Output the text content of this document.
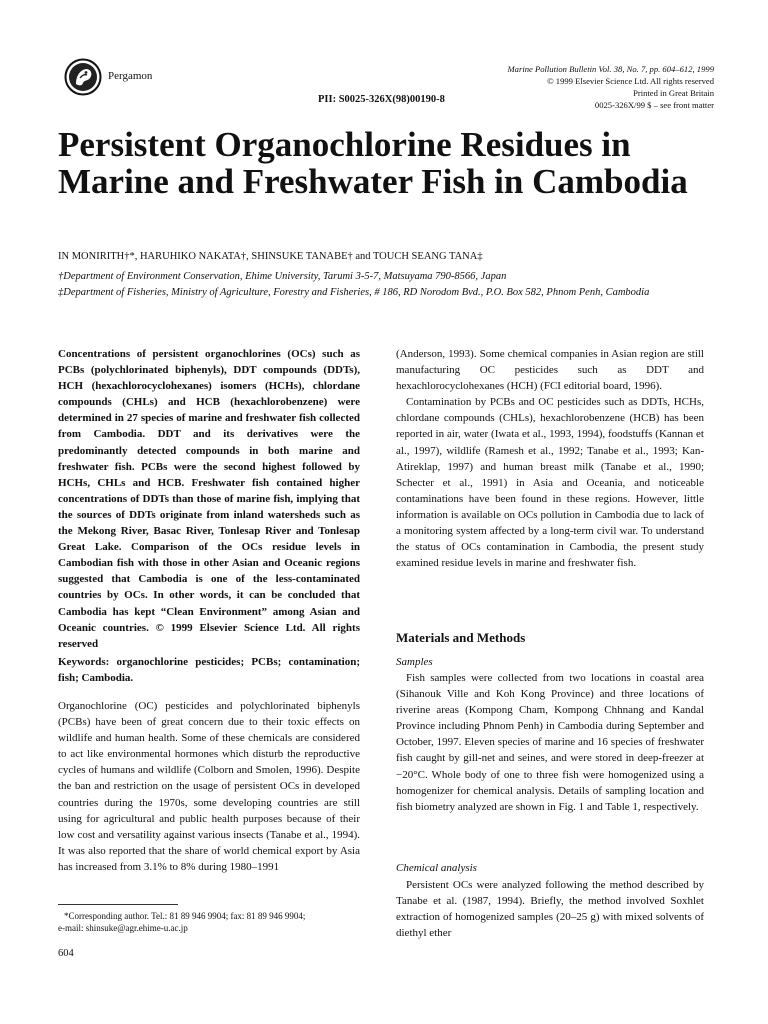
Pergamon
Marine Pollution Bulletin Vol. 38, No. 7, pp. 604–612, 1999
© 1999 Elsevier Science Ltd. All rights reserved
Printed in Great Britain
0025-326X/99 $ – see front matter
PII: S0025-326X(98)00190-8
Persistent Organochlorine Residues in Marine and Freshwater Fish in Cambodia
IN MONIRITH†*, HARUHIKO NAKATA†, SHINSUKE TANABE† and TOUCH SEANG TANA‡
†Department of Environment Conservation, Ehime University, Tarumi 3-5-7, Matsuyama 790-8566, Japan
‡Department of Fisheries, Ministry of Agriculture, Forestry and Fisheries, # 186, RD Norodom Bvd., P.O. Box 582, Phnom Penh, Cambodia
Concentrations of persistent organochlorines (OCs) such as PCBs (polychlorinated biphenyls), DDT compounds (DDTs), HCH (hexachlorocyclohexanes) isomers (HCHs), chlordane compounds (CHLs) and HCB (hexachlorobenzene) were determined in 27 species of marine and freshwater fish collected from Cambodia. DDT and its derivatives were the predominantly detected compounds in both marine and freshwater fish. PCBs were the second highest followed by HCHs, CHLs and HCB. Freshwater fish contained higher concentrations of DDTs than those of marine fish, implying that the sources of DDTs originate from inland watersheds such as the Mekong River, Basac River, Tonlesap River and Tonlesap Great Lake. Comparison of the OCs residue levels in Cambodian fish with those in other Asian and Oceanic regions suggested that Cambodia is one of the less-contaminated countries by OCs. In other words, it can be concluded that Cambodia has kept “Clean Environment” among Asian and Oceanic countries. © 1999 Elsevier Science Ltd. All rights reserved
Keywords: organochlorine pesticides; PCBs; contamination; fish; Cambodia.
Organochlorine (OC) pesticides and polychlorinated biphenyls (PCBs) have been of great concern due to their toxic effects on wildlife and human health. Some of these chemicals are considered to act like environmental hormones which disturb the reproductive cycles of humans and wildlife (Colborn and Smolen, 1996). Despite the ban and restriction on the usage of persistent OCs in developed countries during the 1970s, some developing countries are still using for agricultural and public health purposes because of their low cost and versatility against various insects (Tanabe et al., 1994). It was also reported that the share of world chemical export by Asia has increased from 3.1% to 8% during 1980–1991
*Corresponding author. Tel.: 81 89 946 9904; fax: 81 89 946 9904;
e-mail: shinsuke@agr.ehime-u.ac.jp
604
(Anderson, 1993). Some chemical companies in Asian region are still manufacturing OC pesticides such as DDT and hexachlorocyclohexanes (HCH) (FCI editorial board, 1996).
Contamination by PCBs and OC pesticides such as DDTs, HCHs, chlordane compounds (CHLs), hexachlorobenzene (HCB) has been reported in air, water (Iwata et al., 1993, 1994), foodstuffs (Kannan et al., 1997), wildlife (Ramesh et al., 1992; Tanabe et al., 1993; Kan-Atireklap, 1997) and human breast milk (Tanabe et al., 1990; Schecter et al., 1991) in Asia and Oceania, and noticeable contaminations have been found in these regions. However, little information is available on OCs pollution in Cambodia due to lack of a monitoring system affected by a long-term civil war. To understand the status of OCs contamination in Cambodia, the present study examined residue levels in marine and freshwater fish.
Materials and Methods
Samples
Fish samples were collected from two locations in coastal area (Sihanouk Ville and Koh Kong Province) and three locations of riverine areas (Kompong Cham, Kompong Chhnang and Kandal Province including Phnom Penh) in Cambodia during September and October, 1997. Eleven species of marine and 16 species of freshwater fish caught by gill-net and seines, and were stored in deep-freezer at −20°C. Whole body of one to three fish were homogenized using a homogenizer for chemical analysis. Details of sampling location and fish biometry analyzed are shown in Fig. 1 and Table 1, respectively.
Chemical analysis
Persistent OCs were analyzed following the method described by Tanabe et al. (1987, 1994). Briefly, the method involved Soxhlet extraction of homogenized samples (20–25 g) with mixed solvents of diethyl ether
